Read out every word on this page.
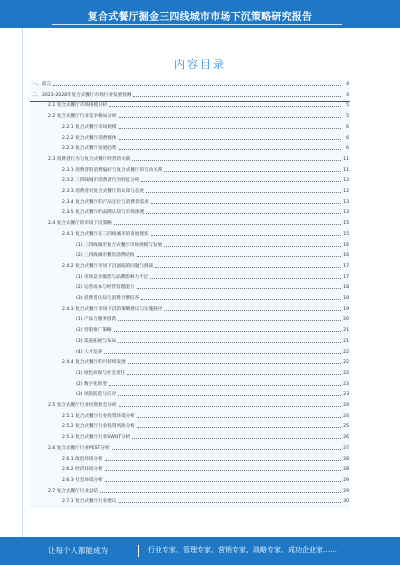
复合式餐厅掘金三四线城市市场下沉策略研究报告
内容目录
一、 前言	4
二、 2023-2028年复合式餐厅市场行业发展预测	4
2.1 复合式餐厅市场规模分析	5
2.2 复合式餐厅行业竞争格局分析	5
2.2.1 复合式餐厅市场规模	6
2.2.2 复合式餐厅消费群体	6
2.2.3 复合式餐厅发展趋势	6
2.3 消费者行为与复合式餐厅经营的关联	11
2.3.1 消费者的消费偏好与复合式餐厅的互动关系	11
2.3.2 三四线城市消费者行为特征分析	12
2.3.3 消费者对复合式餐厅的认知与态度	12
2.3.4 复合式餐厅的产品定位与消费者需求	13
2.3.5 复合式餐厅的品牌认知与市场渗透	13
2.4 复合式餐厅的市场下沉策略	15
2.4.1 复合式餐厅在三四线城市的发展现状	15
(1) 三四线城市复合式餐厅市场规模与发展	16
(2) 三四线城市餐饮消费结构	16
2.4.2 复合式餐厅市场下沉面临的问题与挑战	17
(1) 市场竞争激烈与品牌影响力不足	17
(2) 运营成本与经营管理能力	18
(3) 消费者认知与消费习惯培养	18
2.4.3 复合式餐厅市场下沉的策略建议与实施路径	19
(1) 产品与服务创新	20
(2) 营销推广策略	21
(3) 渠道拓展与布局	21
(4) 人才培养	22
2.4.4 复合式餐厅的可持续发展	22
(1) 绿色环保与社会责任	22
(2) 数字化转型	23
(3) 风险防范与应对	23
2.5 复合式餐厅行业投资机会分析	24
2.5.1 复合式餐厅行业投资环境分析	24
2.5.2 复合式餐厅行业投资风险分析	25
2.5.3 复合式餐厅行业SWOT分析	26
2.6 复合式餐厅行业PEST分析	27
2.6.1 政治环境分析	28
2.6.2 经济环境分析	28
2.6.3 社会环境分析	29
2.7 复合式餐厅行业总结	29
2.7.1 复合式餐厅行业建议	30
让每个人都能成为	行业专家、管理专家、营销专家、战略专家、成功企业家……
